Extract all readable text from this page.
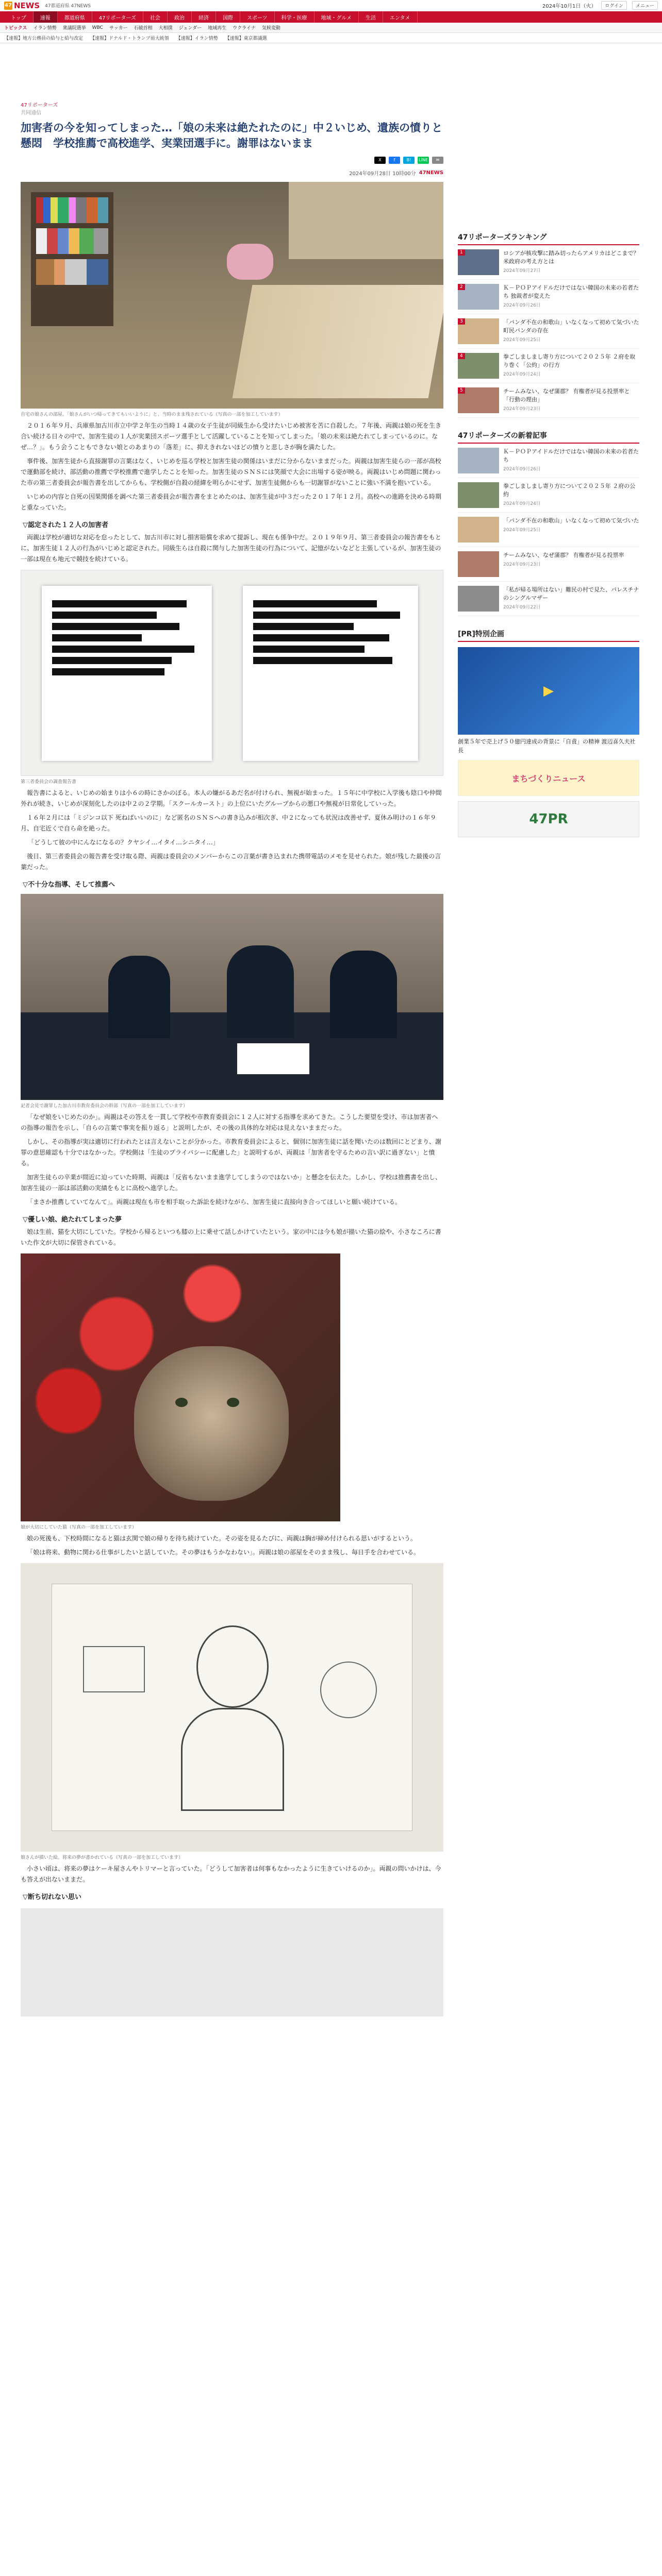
47 NEWS 47都道府県 47NEWS	2024年10月1日（火）	ログイン	メニュー
トップ	速報	都道府県	47リポーターズ	社会	政治	経済	国際	スポーツ	科学・医療	地域・グルメ	生活	エンタメ
トピックス イラン情勢 衆議院選挙 WBC サッカー 石破首相 大相撲 ジェンダー 地域再生 ウクライナ 気候変動
【速報】地方公務員の給与と給与改定 【速報】ドナルド・トランプ前大統領 【速報】イラン情勢 【速報】東京都議選
47リポーターズ
共同通信
加害者の今を知ってしまった…「娘の未来は絶たれたのに」中２いじめ、遺族の憤りと懸悶　学校推薦で高校進学、実業団選手に。謝罪はないまま
X	f	B!	LINE	✉
2024年09月28日 10時00分 47NEWS
自宅の娘さんの部屋。「娘さんがいつ帰ってきてもいいように」と、当時のまま残されている（写真の一部を加工しています）

２０１６年９月、兵庫県加古川市立中学２年生の当時１４歳の女子生徒が同級生から受けたいじめ被害を苦に自殺した。７年後、両親は娘の死を生き合い続ける日々の中で、加害生徒の１人が実業団スポーツ選手として活躍していることを知ってしまった。「娘の未来は絶たれてしまっているのに。なぜ…？」。もう会うこともできない娘とのあまりの「落差」に、抑えきれないほどの憤りと悲しさが胸を満たした。

事件後、加害生徒から直接謝罪の言葉はなく、いじめを巡る学校と加害生徒の関係はいまだに分からないままだった。両親は加害生徒らの一部が高校で運動部を続け、部活動の推薦で学校推薦で進学したことを知った。加害生徒のＳＮＳには笑顔で大会に出場する姿が映る。両親はいじめ問題に関わった市の第三者委員会が報告書を出してからも、学校側が自殺の経緯を明らかにせず、加害生徒側からも一切謝罪がないことに強い不満を抱いている。

いじめの内容と自死の因果関係を調べた第三者委員会が報告書をまとめたのは、加害生徒が中３だった２０１７年１２月。高校への進路を決める時期と重なっていた。

▽認定された１２人の加害者

両親は学校が適切な対応を怠ったとして、加古川市に対し損害賠償を求めて提訴し、現在も係争中だ。２０１９年９月、第三者委員会の報告書をもとに、加害生徒１２人の行為がいじめと認定された。同級生らは自殺に関与した加害生徒の行為について、記憶がないなどと主張しているが、加害生徒の一部は現在も地元で競技を続けている。

第三者委員会の調査報告書

報告書によると、いじめの始まりは小６の時にさかのぼる。本人の嫌がるあだ名が付けられ、無視が始まった。１５年に中学校に入学後も陰口や仲間外れが続き、いじめが深刻化したのは中２の２学期。「スクールカースト」の上位にいたグループからの悪口や無視が日常化していった。

１６年２月には「ミジンコ以下 死ねばいいのに」など匿名のＳＮＳへの書き込みが相次ぎ、中２になっても状況は改善せず、夏休み明けの１６年９月、自宅近くで自ら命を絶った。

「どうして彼の中にんなになるの？クヤシイ…イタイ…シニタイ…」

後日、第三者委員会の報告書を受け取る際、両親は委員会のメンバーからこの言葉が書き込まれた携帯電話のメモを見せられた。娘が残した最後の言葉だった。

▽不十分な指導、そして推薦へ
記者会見で謝罪した加古川市教育委員会の幹部（写真の一部を加工しています）

「なぜ娘をいじめたのか」。両親はその答えを一貫して学校や市教育委員会に１２人に対する指導を求めてきた。こうした要望を受け、市は加害者への指導の報告を示し、「自らの言葉で事実を振り返る」と説明したが、その後の具体的な対応は見えないままだった。

しかし、その指導が実は適切に行われたとは言えないことが分かった。市教育委員会によると、個別に加害生徒に話を聞いたのは数回にとどまり、謝罪の意思確認も十分ではなかった。学校側は「生徒のプライバシーに配慮した」と説明するが、両親は「加害者を守るための言い訳に過ぎない」と憤る。

加害生徒らの卒業が間近に迫っていた時期、両親は「反省もないまま進学してしまうのではないか」と懸念を伝えた。しかし、学校は推薦書を出し、加害生徒の一部は部活動の実績をもとに高校へ進学した。

「まさか推薦していてなんて」。両親は現在も市を相手取った訴訟を続けながら、加害生徒に直接向き合ってほしいと願い続けている。

▽優しい娘、絶たれてしまった夢

娘は生前、猫を大切にしていた。学校から帰るといつも膝の上に乗せて話しかけていたという。家の中には今も娘が描いた猫の絵や、小さなころに書いた作文が大切に保管されている。

娘が大切にしていた猫（写真の一部を加工しています）

娘の死後も、下校時間になると猫は玄関で娘の帰りを待ち続けていた。その姿を見るたびに、両親は胸が締め付けられる思いがするという。

「娘は将来、動物に関わる仕事がしたいと話していた。その夢はもうかなわない」。両親は娘の部屋をそのまま残し、毎日手を合わせている。

娘さんが描いた絵。将来の夢が書かれている（写真の一部を加工しています）

小さい頃は、将来の夢はケーキ屋さんやトリマーと言っていた。「どうして加害者は何事もなかったように生きていけるのか」。両親の問いかけは、今も答えが出ないままだ。

▽断ち切れない思い
47リポーターズランキング
1	ロシアが核攻撃に踏み切ったらアメリカはどこまで？ 米政府の考え方とは
2024年09月27日
2	Ｋ－ＰＯＰアイドルだけではない韓国の未来の若者たち 独裁者が変えた
2024年09月26日
3	「パンダ不在の和歌山」いなくなって初めて気づいた 町民パンダの存在
2024年09月25日
4	拳ごしましまし寄り方について２０２５年 ２府を取り巻く「公約」の行方
2024年09月24日
5	チームみない、なぜ蒲郡？ 有権者が見る投票率と「行動の理由」
2024年09月23日
47リポーターズの新着記事
Ｋ－ＰＯＰアイドルだけではない韓国の未来の若者たち
2024年09月26日
拳ごしましまし寄り方について２０２５年 ２府の公約
2024年09月24日
「パンダ不在の和歌山」いなくなって初めて気づいた
2024年09月25日
チームみない、なぜ蒲郡？ 有権者が見る投票率
2024年09月23日
「私が帰る場所はない」難民の村で見た、パレスチナのシングルマザー
2024年09月22日
[PR]特別企画
▶
創業５年で売上げ５０億円達成の背景に「自責」の精神 渡辺喜久夫社長
まちづくりニュース
47PR
